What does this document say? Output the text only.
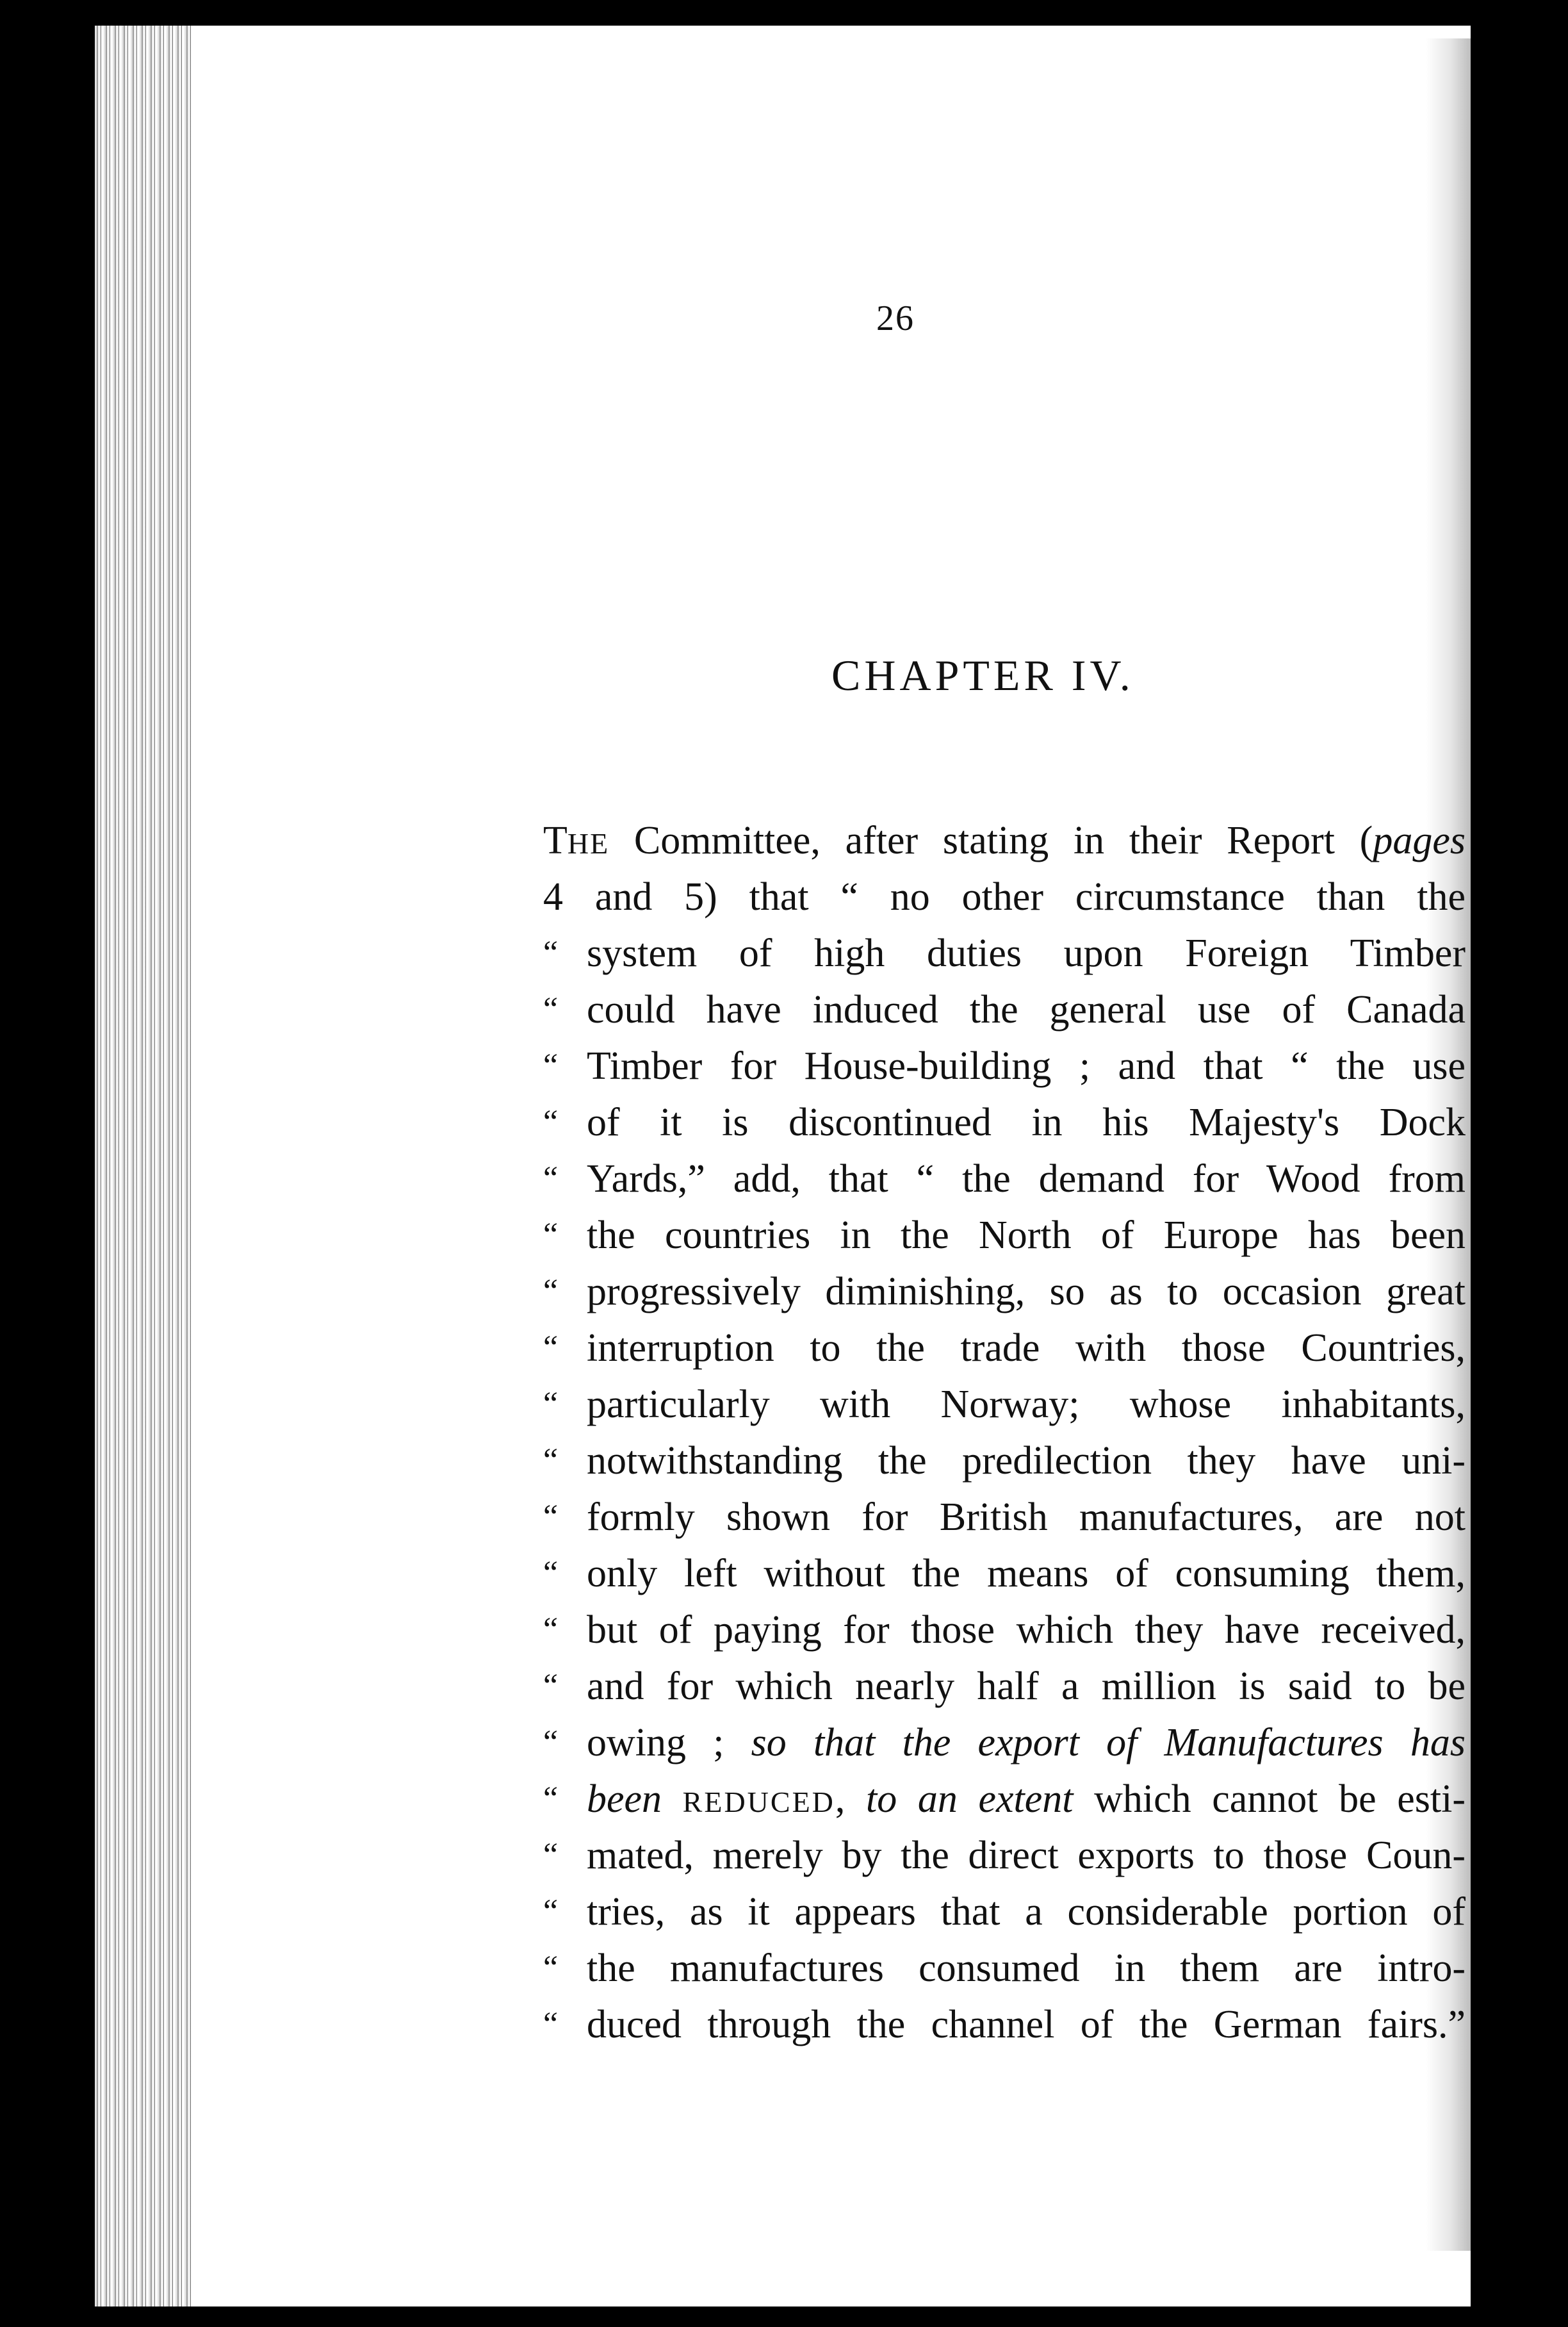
26
CHAPTER IV.
THE Committee, after stating in their Report (pages
4 and 5) that “ no other circumstance than the
“ system of high duties upon Foreign Timber
“ could have induced the general use of Canada
“ Timber for House-building ; and that “ the use
“ of it is discontinued in his Majesty's Dock
“ Yards,” add, that “ the demand for Wood from
“ the countries in the North of Europe has been
“ progressively diminishing, so as to occasion great
“ interruption to the trade with those Countries,
“ particularly with Norway; whose inhabitants,
“ notwithstanding the predilection they have uni-
“ formly shown for British manufactures, are not
“ only left without the means of consuming them,
“ but of paying for those which they have received,
“ and for which nearly half a million is said to be
“ owing ; so that the export of Manufactures has
“ been REDUCED, to an extent which cannot be esti-
“ mated, merely by the direct exports to those Coun-
“ tries, as it appears that a considerable portion of
“ the manufactures consumed in them are intro-
“ duced through the channel of the German fairs.”
